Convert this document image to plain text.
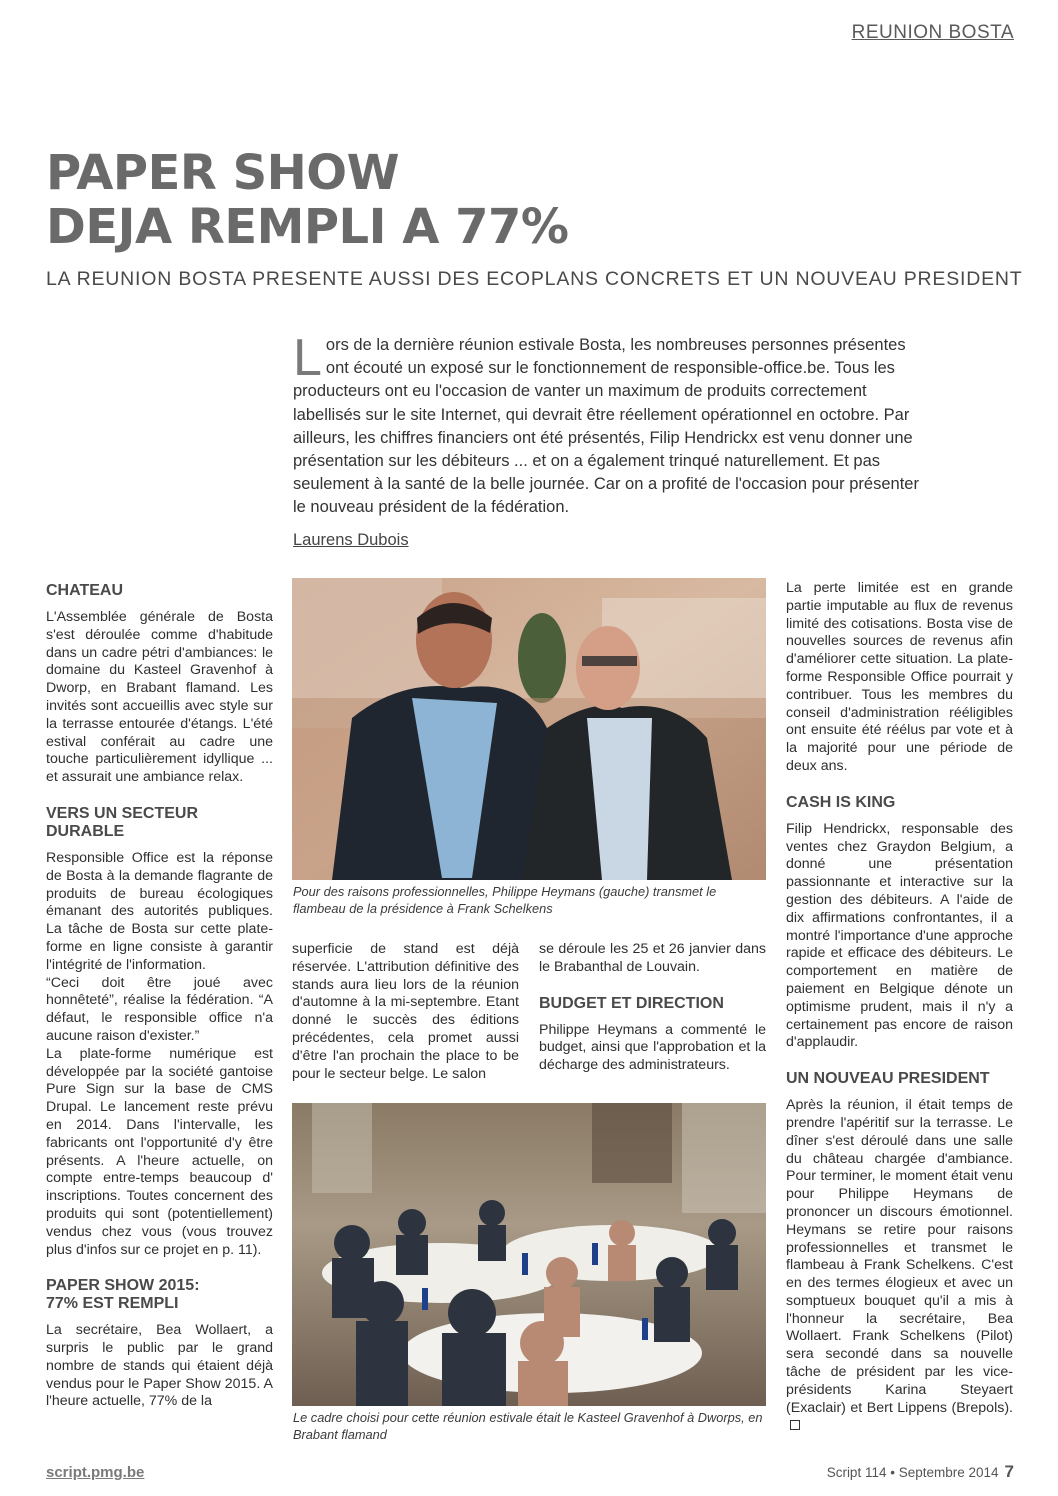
REUNION BOSTA
PAPER SHOW
DEJA REMPLI A 77%
LA REUNION BOSTA PRESENTE AUSSI DES ECOPLANS CONCRETS ET UN NOUVEAU PRESIDENT
Lors de la dernière réunion estivale Bosta, les nombreuses personnes présentes ont écouté un exposé sur le fonctionnement de responsible-office.be. Tous les producteurs ont eu l'occasion de vanter un maximum de produits correctement labellisés sur le site Internet, qui devrait être réellement opérationnel en octobre. Par ailleurs, les chiffres financiers ont été présentés, Filip Hendrickx est venu donner une présentation sur les débiteurs ... et on a également trinqué naturellement. Et pas seulement à la santé de la belle journée. Car on a profité de l'occasion pour présenter le nouveau président de la fédération.
Laurens Dubois
CHATEAU

L'Assemblée générale de Bosta s'est déroulée comme d'habitude dans un cadre pétri d'ambiances: le domaine du Kasteel Gravenhof à Dworp, en Brabant flamand. Les invités sont accueillis avec style sur la terrasse entourée d'étangs. L'été estival conférait au cadre une touche particulièrement idyllique ... et assurait une ambiance relax.

VERS UN SECTEUR DURABLE

Responsible Office est la réponse de Bosta à la demande flagrante de produits de bureau écologiques émanant des autorités publiques. La tâche de Bosta sur cette plate-forme en ligne consiste à garantir l'intégrité de l'information.

“Ceci doit être joué avec honnêteté”, réalise la fédération. “A défaut, le responsible office n'a aucune raison d'exister.”

La plate-forme numérique est développée par la société gantoise Pure Sign sur la base de CMS Drupal. Le lancement reste prévu en 2014. Dans l'intervalle, les fabricants ont l'opportunité d'y être présents. A l'heure actuelle, on compte entre-temps beaucoup d' inscriptions. Toutes concernent des produits qui sont (potentiellement) vendus chez vous (vous trouvez plus d'infos sur ce projet en p. 11).

PAPER SHOW 2015:
77% EST REMPLI

La secrétaire, Bea Wollaert, a surpris le public par le grand nombre de stands qui étaient déjà vendus pour le Paper Show 2015. A l'heure actuelle, 77% de la

Pour des raisons professionnelles, Philippe Heymans (gauche) transmet le flambeau de la présidence à Frank Schelkens

superficie de stand est déjà réservée. L'attribution définitive des stands aura lieu lors de la réunion d'automne à la mi-septembre. Etant donné le succès des éditions précédentes, cela promet aussi d'être l'an prochain the place to be pour le secteur belge. Le salon

se déroule les 25 et 26 janvier dans le Brabanthal de Louvain.

BUDGET ET DIRECTION

Philippe Heymans a commenté le budget, ainsi que l'approbation et la décharge des administrateurs.

Le cadre choisi pour cette réunion estivale était le Kasteel Gravenhof à Dworps, en Brabant flamand

La perte limitée est en grande partie imputable au flux de revenus limité des cotisations. Bosta vise de nouvelles sources de revenus afin d'améliorer cette situation. La plate-forme Responsible Office pourrait y contribuer. Tous les membres du conseil d'administration rééligibles ont ensuite été réélus par vote et à la majorité pour une période de deux ans.

CASH IS KING

Filip Hendrickx, responsable des ventes chez Graydon Belgium, a donné une présentation passionnante et interactive sur la gestion des débiteurs. A l'aide de dix affirmations confrontantes, il a montré l'importance d'une approche rapide et efficace des débiteurs. Le comportement en matière de paiement en Belgique dénote un optimisme prudent, mais il n'y a certainement pas encore de raison d'applaudir.

UN NOUVEAU PRESIDENT

Après la réunion, il était temps de prendre l'apéritif sur la terrasse. Le dîner s'est déroulé dans une salle du château chargée d'ambiance. Pour terminer, le moment était venu pour Philippe Heymans de prononcer un discours émotionnel. Heymans se retire pour raisons professionnelles et transmet le flambeau à Frank Schelkens. C'est en des termes élogieux et avec un somptueux bouquet qu'il a mis à l'honneur la secrétaire, Bea Wollaert. Frank Schelkens (Pilot) sera secondé dans sa nouvelle tâche de président par les vice-présidents Karina Steyaert (Exaclair) et Bert Lippens (Brepols).

script.pmg.be	Script 114 • Septembre 2014 7
